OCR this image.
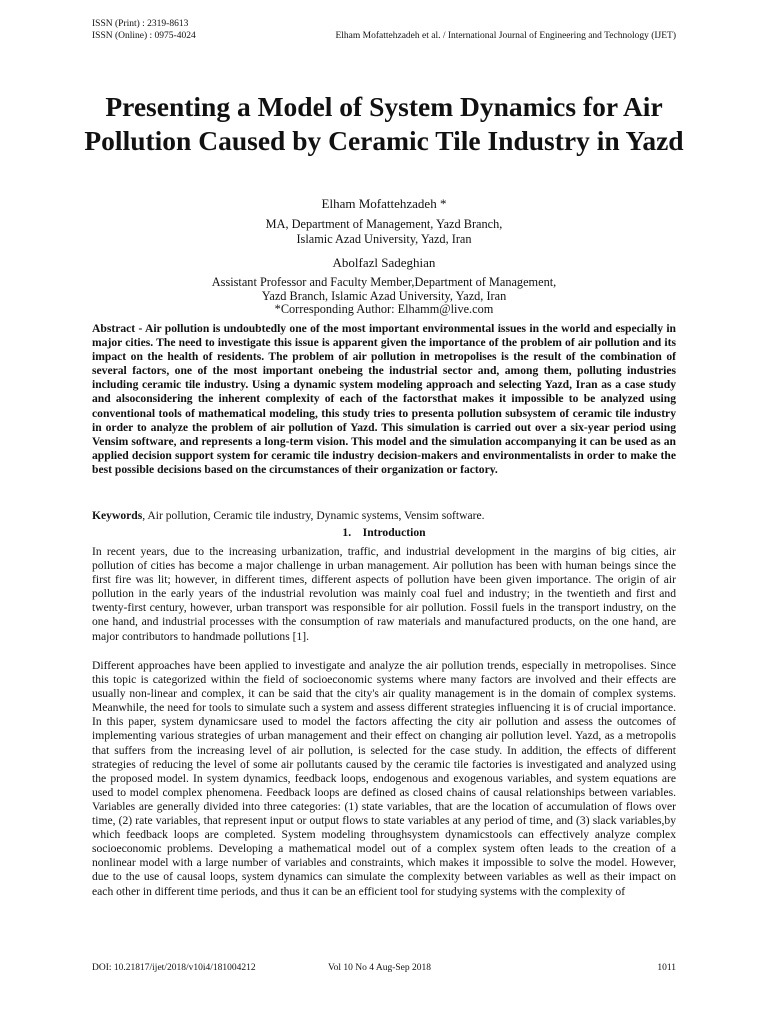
ISSN (Print) : 2319-8613
ISSN (Online) : 0975-4024	Elham Mofattehzadeh et al. / International Journal of Engineering and Technology (IJET)
Presenting a Model of System Dynamics for Air Pollution Caused by Ceramic Tile Industry in Yazd
Elham Mofattehzadeh *
MA, Department of Management, Yazd Branch,
Islamic Azad University, Yazd, Iran
Abolfazl Sadeghian
Assistant Professor and Faculty Member,Department of Management,
Yazd Branch, Islamic Azad University, Yazd, Iran
*Corresponding Author: Elhamm@live.com
Abstract - Air pollution is undoubtedly one of the most important environmental issues in the world and especially in major cities. The need to investigate this issue is apparent given the importance of the problem of air pollution and its impact on the health of residents. The problem of air pollution in metropolises is the result of the combination of several factors, one of the most important onebeing the industrial sector and, among them, polluting industries including ceramic tile industry. Using a dynamic system modeling approach and selecting Yazd, Iran as a case study and alsoconsidering the inherent complexity of each of the factorsthat makes it impossible to be analyzed using conventional tools of mathematical modeling, this study tries to presenta pollution subsystem of ceramic tile industry in order to analyze the problem of air pollution of Yazd. This simulation is carried out over a six-year period using Vensim software, and represents a long-term vision. This model and the simulation accompanying it can be used as an applied decision support system for ceramic tile industry decision-makers and environmentalists in order to make the best possible decisions based on the circumstances of their organization or factory.
Keywords, Air pollution, Ceramic tile industry, Dynamic systems, Vensim software.
1.    Introduction
In recent years, due to the increasing urbanization, traffic, and industrial development in the margins of big cities, air pollution of cities has become a major challenge in urban management. Air pollution has been with human beings since the first fire was lit; however, in different times, different aspects of pollution have been given importance. The origin of air pollution in the early years of the industrial revolution was mainly coal fuel and industry; in the twentieth and first and twenty-first century, however, urban transport was responsible for air pollution. Fossil fuels in the transport industry, on the one hand, and industrial processes with the consumption of raw materials and manufactured products, on the one hand, are major contributors to handmade pollutions [1].
Different approaches have been applied to investigate and analyze the air pollution trends, especially in metropolises. Since this topic is categorized within the field of socioeconomic systems where many factors are involved and their effects are usually non-linear and complex, it can be said that the city's air quality management is in the domain of complex systems. Meanwhile, the need for tools to simulate such a system and assess different strategies influencing it is of crucial importance. In this paper, system dynamicsare used to model the factors affecting the city air pollution and assess the outcomes of implementing various strategies of urban management and their effect on changing air pollution level. Yazd, as a metropolis that suffers from the increasing level of air pollution, is selected for the case study. In addition, the effects of different strategies of reducing the level of some air pollutants caused by the ceramic tile factories is investigated and analyzed using the proposed model. In system dynamics, feedback loops, endogenous and exogenous variables, and system equations are used to model complex phenomena. Feedback loops are defined as closed chains of causal relationships between variables. Variables are generally divided into three categories: (1) state variables, that are the location of accumulation of flows over time, (2) rate variables, that represent input or output flows to state variables at any period of time, and (3) slack variables,by which feedback loops are completed. System modeling throughsystem dynamicstools can effectively analyze complex socioeconomic problems. Developing a mathematical model out of a complex system often leads to the creation of a nonlinear model with a large number of variables and constraints, which makes it impossible to solve the model. However, due to the use of causal loops, system dynamics can simulate the complexity between variables as well as their impact on each other in different time periods, and thus it can be an efficient tool for studying systems with the complexity of
DOI: 10.21817/ijet/2018/v10i4/181004212	Vol 10 No 4 Aug-Sep 2018	1011
